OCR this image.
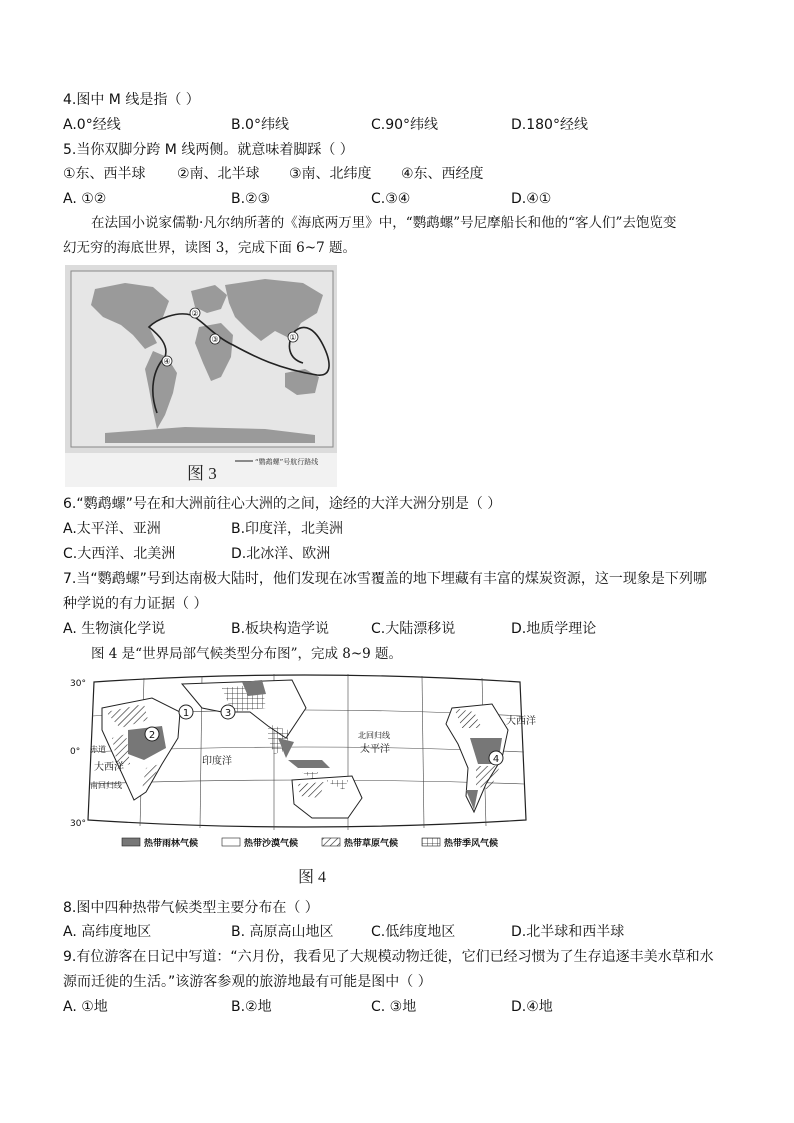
4.图中 M 线是指（ ）
A.0°经线	B.0°纬线	C.90°纬线	D.180°经线
5.当你双脚分跨 M 线两侧。就意味着脚踩（ ）
①东、西半球 ②南、北半球 ③南、北纬度 ④东、西经度
A. ①②	B.②③	C.③④	D.④①
在法国小说家儒勒·凡尔纳所著的《海底两万里》中，“鹦鹉螺”号尼摩船长和他的“客人们”去饱览变
幻无穷的海底世界，读图 3，完成下面 6~7 题。
①
②
③
④
图 3
“鹦鹉螺”号航行路线
6.“鹦鹉螺”号在和大洲前往心大洲的之间，途经的大洋大洲分别是（ ）
A.太平洋、亚洲	B.印度洋，北美洲
C.大西洋、北美洲	D.北冰洋、欧洲
7.当“鹦鹉螺”号到达南极大陆时，他们发现在冰雪覆盖的地下埋藏有丰富的煤炭资源，这一现象是下列哪
种学说的有力证据（ ）
A. 生物演化学说	B.板块构造学说	C.大陆漂移说	D.地质学理论
图 4 是“世界局部气候类型分布图”，完成 8~9 题。
1
2
3
4
30°
0°
30°
赤道
南回归线
北回归线
印度洋
太平洋
大西洋
大西洋
热带雨林气候	热带沙漠气候	热带草原气候	热带季风气候
图 4
8.图中四种热带气候类型主要分布在（ ）
A. 高纬度地区	B. 高原高山地区	C.低纬度地区	D.北半球和西半球
9.有位游客在日记中写道：“六月份，我看见了大规模动物迁徙，它们已经习惯为了生存追逐丰美水草和水
源而迁徙的生活。”该游客参观的旅游地最有可能是图中（ ）
A. ①地	B.②地	C. ③地	D.④地
